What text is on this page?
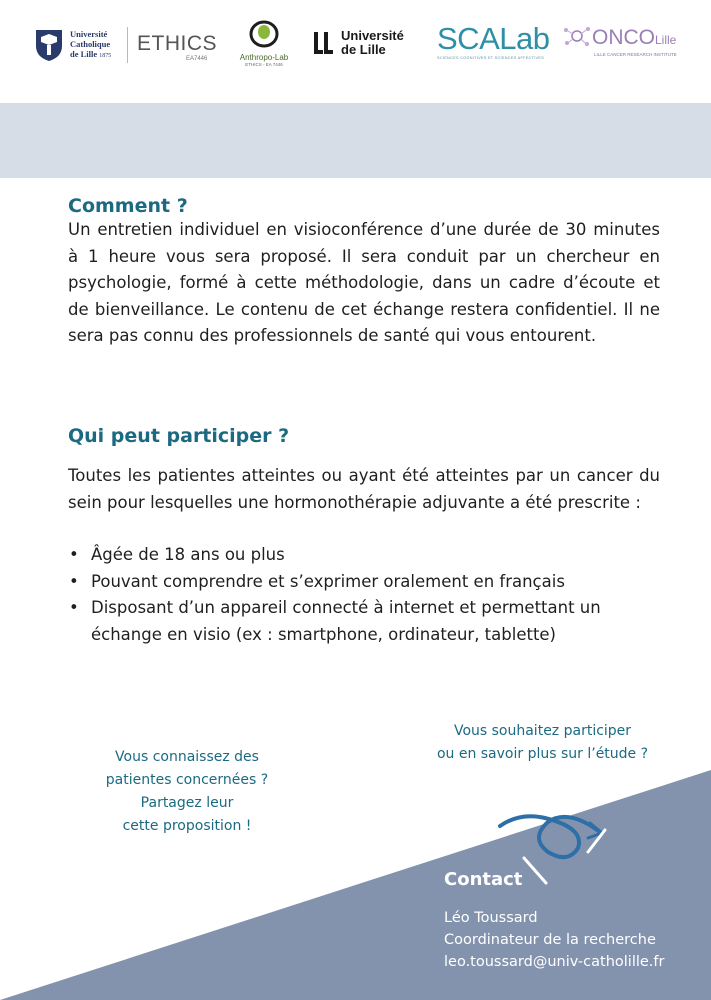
Université
Catholique
de Lille 1875
ETHICS
EA7446	Anthropo-Lab
ETHICS - EA 7446
Université
de Lille	SCALab
SCIENCES COGNITIVES ET SCIENCES AFFECTIVES
ONCOLille
LILLE CANCER RESEARCH INSTITUTE
Comment ?

Un entretien individuel en visioconférence d’une durée de 30 minutes à 1 heure vous sera proposé. Il sera conduit par un chercheur en psychologie, formé à cette méthodologie, dans un cadre d’écoute et de bienveillance. Le contenu de cet échange restera confidentiel. Il ne sera pas connu des professionnels de santé qui vous entourent.

Qui peut participer ?

Toutes les patientes atteintes ou ayant été atteintes par un cancer du sein pour lesquelles une hormonothérapie adjuvante a été prescrite :

• Âgée de 18 ans ou plus
• Pouvant comprendre et s’exprimer oralement en français
• Disposant d’un appareil connecté à internet et permettant un échange en visio (ex : smartphone, ordinateur, tablette)
Vous connaissez des
patientes concernées ?
Partagez leur
cette proposition !
Vous souhaitez participer
ou en savoir plus sur l’étude ?
Contact
Léo Toussard
Coordinateur de la recherche
leo.toussard@univ-catholille.fr
